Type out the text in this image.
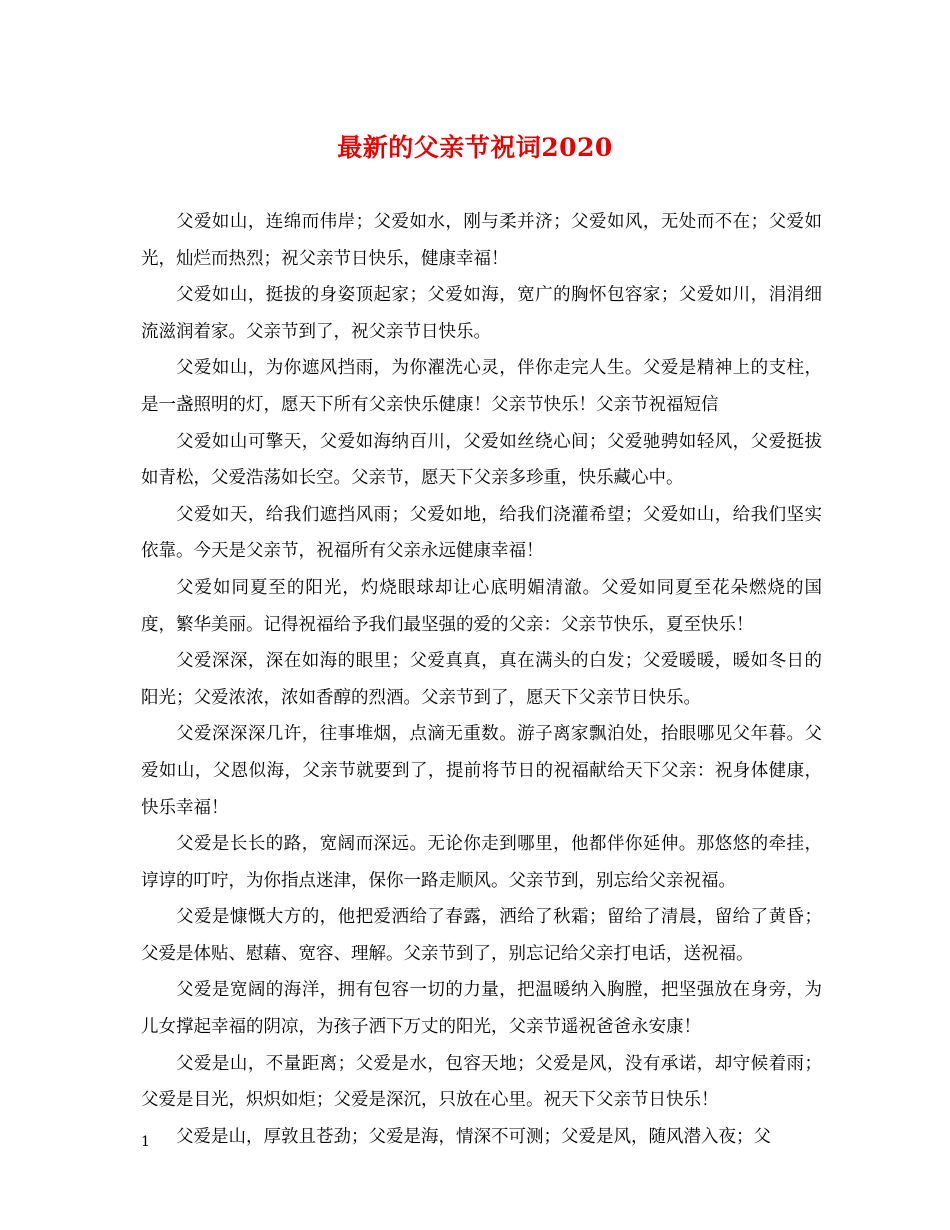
最新的父亲节祝词2020

父爱如山，连绵而伟岸；父爱如水，刚与柔并济；父爱如风，无处而不在；父爱如光，灿烂而热烈；祝父亲节日快乐，健康幸福！

父爱如山，挺拔的身姿顶起家；父爱如海，宽广的胸怀包容家；父爱如川，涓涓细流滋润着家。父亲节到了，祝父亲节日快乐。

父爱如山，为你遮风挡雨，为你濯洗心灵，伴你走完人生。父爱是精神上的支柱，是一盏照明的灯，愿天下所有父亲快乐健康！父亲节快乐！父亲节祝福短信

父爱如山可擎天，父爱如海纳百川，父爱如丝绕心间；父爱驰骋如轻风，父爱挺拔如青松，父爱浩荡如长空。父亲节，愿天下父亲多珍重，快乐藏心中。

父爱如天，给我们遮挡风雨；父爱如地，给我们浇灌希望；父爱如山，给我们坚实依靠。今天是父亲节，祝福所有父亲永远健康幸福！

父爱如同夏至的阳光，灼烧眼球却让心底明媚清澈。父爱如同夏至花朵燃烧的国度，繁华美丽。记得祝福给予我们最坚强的爱的父亲：父亲节快乐，夏至快乐！

父爱深深，深在如海的眼里；父爱真真，真在满头的白发；父爱暖暖，暖如冬日的阳光；父爱浓浓，浓如香醇的烈酒。父亲节到了，愿天下父亲节日快乐。

父爱深深深几许，往事堆烟，点滴无重数。游子离家飘泊处，抬眼哪见父年暮。父爱如山，父恩似海，父亲节就要到了，提前将节日的祝福献给天下父亲：祝身体健康，快乐幸福！

父爱是长长的路，宽阔而深远。无论你走到哪里，他都伴你延伸。那悠悠的牵挂，谆谆的叮咛，为你指点迷津，保你一路走顺风。父亲节到，别忘给父亲祝福。

父爱是慷慨大方的，他把爱洒给了春露，洒给了秋霜；留给了清晨，留给了黄昏；父爱是体贴、慰藉、宽容、理解。父亲节到了，别忘记给父亲打电话，送祝福。

父爱是宽阔的海洋，拥有包容一切的力量，把温暖纳入胸膛，把坚强放在身旁，为儿女撑起幸福的阴凉，为孩子洒下万丈的阳光，父亲节遥祝爸爸永安康！

父爱是山，不量距离；父爱是水，包容天地；父爱是风，没有承诺，却守候着雨；父爱是目光，炽炽如炬；父爱是深沉，只放在心里。祝天下父亲节日快乐！

父爱是山，厚敦且苍劲；父爱是海，情深不可测；父爱是风，随风潜入夜；父

1
